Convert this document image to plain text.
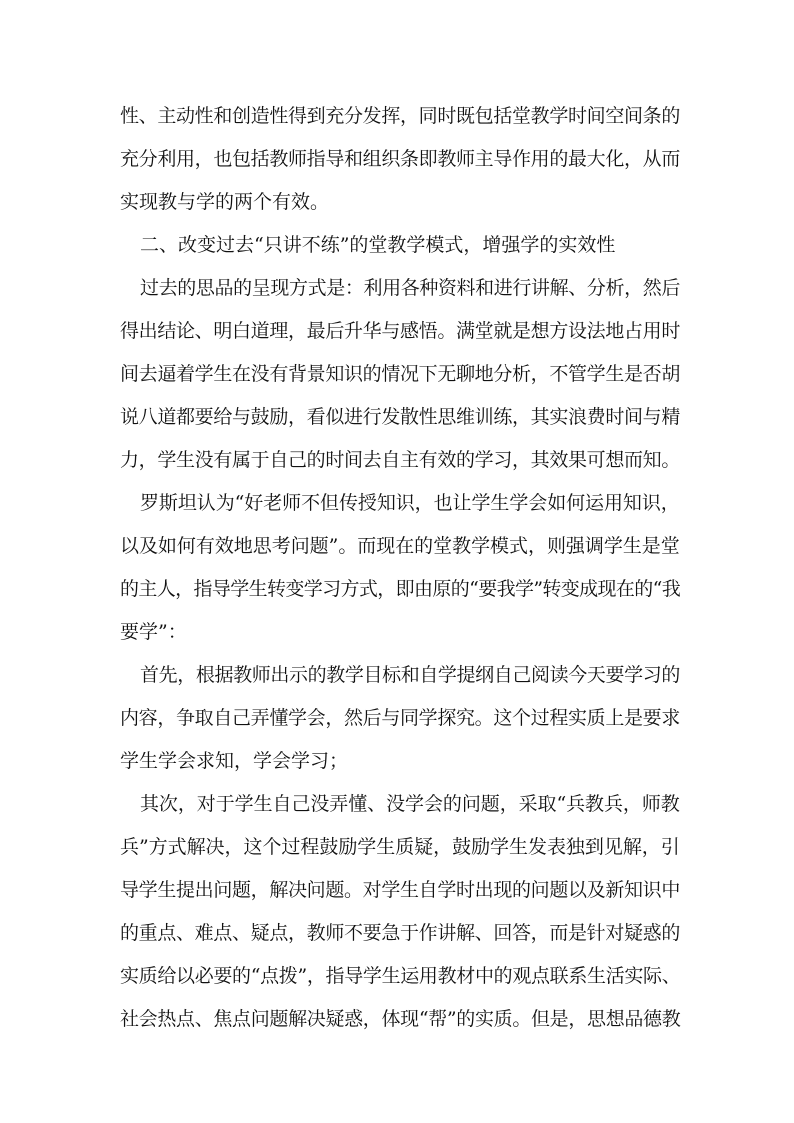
性、主动性和创造性得到充分发挥，同时既包括堂教学时间空间条的
充分利用，也包括教师指导和组织条即教师主导作用的最大化，从而
实现教与学的两个有效。
二、改变过去“只讲不练”的堂教学模式，增强学的实效性
过去的思品的呈现方式是：利用各种资料和进行讲解、分析，然后
得出结论、明白道理，最后升华与感悟。满堂就是想方设法地占用时
间去逼着学生在没有背景知识的情况下无聊地分析，不管学生是否胡
说八道都要给与鼓励，看似进行发散性思维训练，其实浪费时间与精
力，学生没有属于自己的时间去自主有效的学习，其效果可想而知。
罗斯坦认为“好老师不但传授知识，也让学生学会如何运用知识，
以及如何有效地思考问题”。而现在的堂教学模式，则强调学生是堂
的主人，指导学生转变学习方式，即由原的“要我学”转变成现在的“我
要学”：
首先，根据教师出示的教学目标和自学提纲自己阅读今天要学习的
内容，争取自己弄懂学会，然后与同学探究。这个过程实质上是要求
学生学会求知，学会学习；
其次，对于学生自己没弄懂、没学会的问题，采取“兵教兵，师教
兵”方式解决，这个过程鼓励学生质疑，鼓励学生发表独到见解，引
导学生提出问题，解决问题。对学生自学时出现的问题以及新知识中
的重点、难点、疑点，教师不要急于作讲解、回答，而是针对疑惑的
实质给以必要的“点拨”，指导学生运用教材中的观点联系生活实际、
社会热点、焦点问题解决疑惑，体现“帮”的实质。但是，思想品德教
